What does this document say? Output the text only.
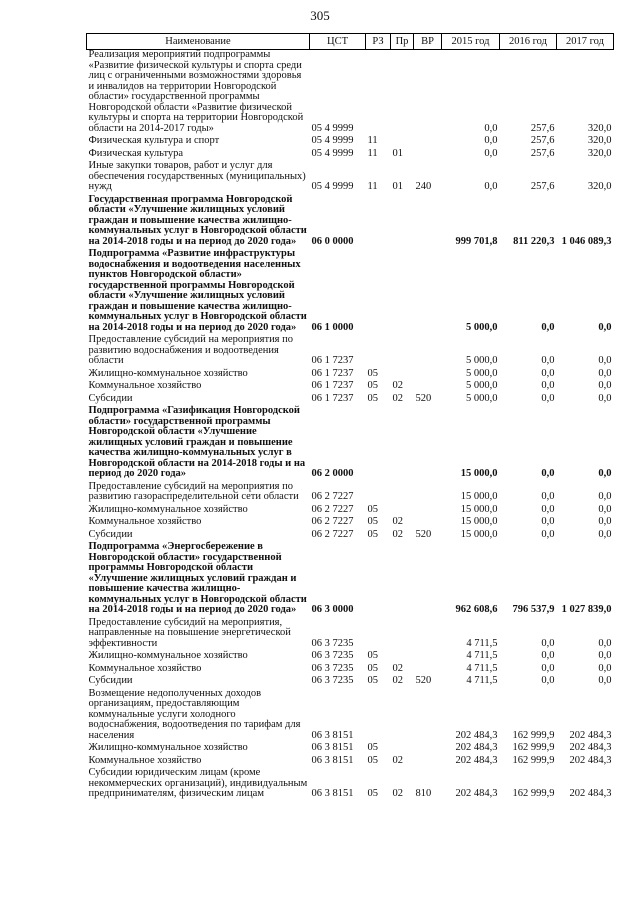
305
Наименование	ЦСТ	РЗ	Пр	ВР	2015 год	2016 год	2017 год
Реализация мероприятий подпрограммы «Развитие физической культуры и спорта среди лиц с ограниченными возможностями здоровья и инвалидов на территории Новгородской области» государственной программы Новгородской области «Развитие физической культуры и спорта на территории Новгородской области на 2014-2017 годы»	05 4 9999				0,0	257,6	320,0
Физическая культура и спорт	05 4 9999	11			0,0	257,6	320,0
Физическая культура	05 4 9999	11	01		0,0	257,6	320,0
Иные закупки товаров, работ и услуг для обеспечения государственных (муниципальных) нужд	05 4 9999	11	01	240	0,0	257,6	320,0
Государственная программа Новгородской области «Улучшение жилищных условий граждан и повышение качества жилищно-коммунальных услуг в Новгородской области на 2014-2018 годы и на период до 2020 года»	06 0 0000				999 701,8	811 220,3	1 046 089,3
Подпрограмма «Развитие инфраструктуры водоснабжения и водоотведения населенных пунктов Новгородской области» государственной программы Новгородской области «Улучшение жилищных условий граждан и повышение качества жилищно-коммунальных услуг в Новгородской области на 2014-2018 годы и на период до 2020 года»	06 1 0000				5 000,0	0,0	0,0
Предоставление субсидий на мероприятия по развитию водоснабжения и водоотведения области	06 1 7237				5 000,0	0,0	0,0
Жилищно-коммунальное хозяйство	06 1 7237	05			5 000,0	0,0	0,0
Коммунальное хозяйство	06 1 7237	05	02		5 000,0	0,0	0,0
Субсидии	06 1 7237	05	02	520	5 000,0	0,0	0,0
Подпрограмма «Газификация Новгородской области» государственной программы Новгородской области «Улучшение жилищных условий граждан и повышение качества жилищно-коммунальных услуг в Новгородской области на 2014-2018 годы и на период до 2020 года»	06 2 0000				15 000,0	0,0	0,0
Предоставление субсидий на мероприятия по развитию газораспределительной сети области	06 2 7227				15 000,0	0,0	0,0
Жилищно-коммунальное хозяйство	06 2 7227	05			15 000,0	0,0	0,0
Коммунальное хозяйство	06 2 7227	05	02		15 000,0	0,0	0,0
Субсидии	06 2 7227	05	02	520	15 000,0	0,0	0,0
Подпрограмма «Энергосбережение в Новгородской области» государственной программы Новгородской области «Улучшение жилищных условий граждан и повышение качества жилищно-коммунальных услуг в Новгородской области на 2014-2018 годы и на период до 2020 года»	06 3 0000				962 608,6	796 537,9	1 027 839,0
Предоставление субсидий на мероприятия, направленные на повышение энергетической эффективности	06 3 7235				4 711,5	0,0	0,0
Жилищно-коммунальное хозяйство	06 3 7235	05			4 711,5	0,0	0,0
Коммунальное хозяйство	06 3 7235	05	02		4 711,5	0,0	0,0
Субсидии	06 3 7235	05	02	520	4 711,5	0,0	0,0
Возмещение недополученных доходов организациям, предоставляющим коммунальные услуги холодного водоснабжения, водоотведения по тарифам для населения	06 3 8151				202 484,3	162 999,9	202 484,3
Жилищно-коммунальное хозяйство	06 3 8151	05			202 484,3	162 999,9	202 484,3
Коммунальное хозяйство	06 3 8151	05	02		202 484,3	162 999,9	202 484,3
Субсидии юридическим лицам (кроме некоммерческих организаций), индивидуальным предпринимателям, физическим лицам	06 3 8151	05	02	810	202 484,3	162 999,9	202 484,3
